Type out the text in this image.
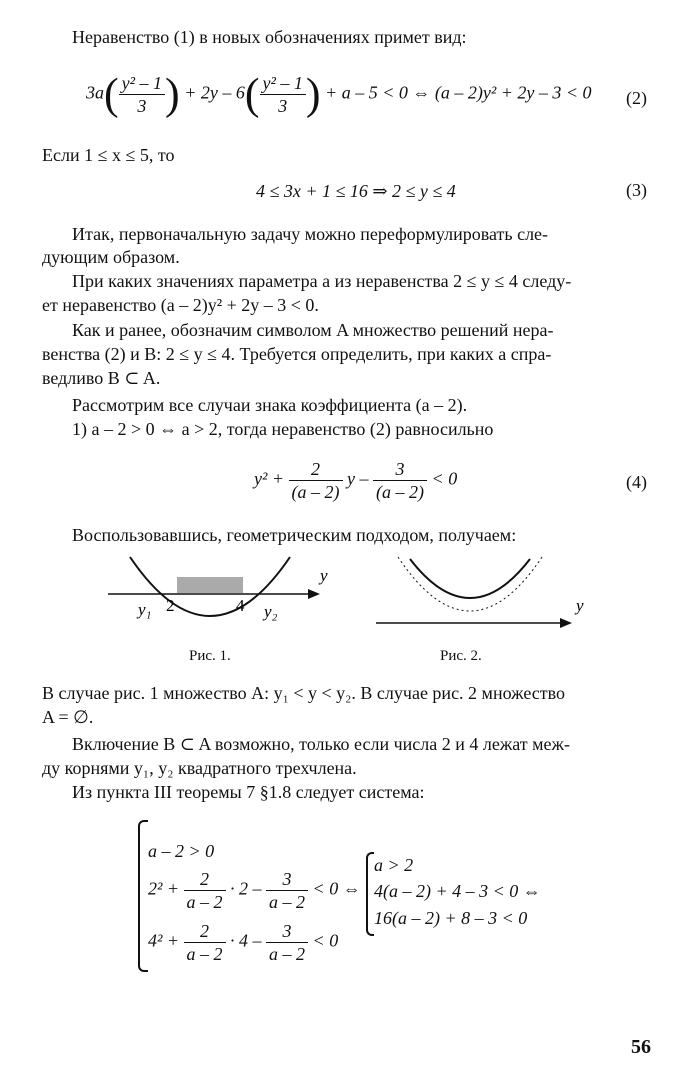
Неравенство (1) в новых обозначениях примет вид:
$3a( \frac{\text{y² – 1}}{3}$ ) + $2y - 6( \frac{\text{y² – 1}}{3}$ ) + a – 5 < 0 ⇔ (a – 2)y² + 2y – 3 < 0 (2)
Если 1 ≤ x ≤ 5, то
4 ≤ 3x + 1 ≤ 16 ⇒ 2 ≤ y ≤ 4	(3)
Итак, первоначальную задачу можно переформулировать сле-
дующим образом.
При каких значениях параметра a из неравенства 2 ≤ y ≤ 4 следу-
ет неравенство (a – 2)y² + 2y – 3 < 0.
Как и ранее, обозначим символом A множество решений нера-
венства (2) и B: 2 ≤ y ≤ 4. Требуется определить, при каких a спра-
ведливо B ⊂ A.
Рассмотрим все случаи знака коэффициента (a – 2).
1) a – 2 > 0 ⇔ a > 2, тогда неравенство (2) равносильно
$y^2 + \frac{2}{(a - 2)}$ $y - \frac{3}{(a - 2)} < 0$	(4)
Воспользовавшись, геометрическим подходом, получаем:
y
y₁ 2	4 y₂
Рис. 1.
y
Рис. 2.
В случае рис. 1 множество A: y₁ < y < y₂. В случае рис. 2 множество
A = ∅.
Включение B ⊂ A возможно, только если числа 2 и 4 лежат меж-
ду корнями y₁, y₂ квадратного трехчлена.
Из пункта III теоремы 7 §1.8 следует система:
a – 2 > 0
$2^2 + \frac{2}{a - 2} \cdot 2 - \frac{3}{a - 2} < 0$ ⇔
$4^2 + \frac{2}{a - 2} \cdot 4 - \frac{3}{a - 2} < 0$
a > 2
4(a – 2) + 4 – 3 < 0 ⇔
16(a – 2) + 8 – 3 < 0
56
